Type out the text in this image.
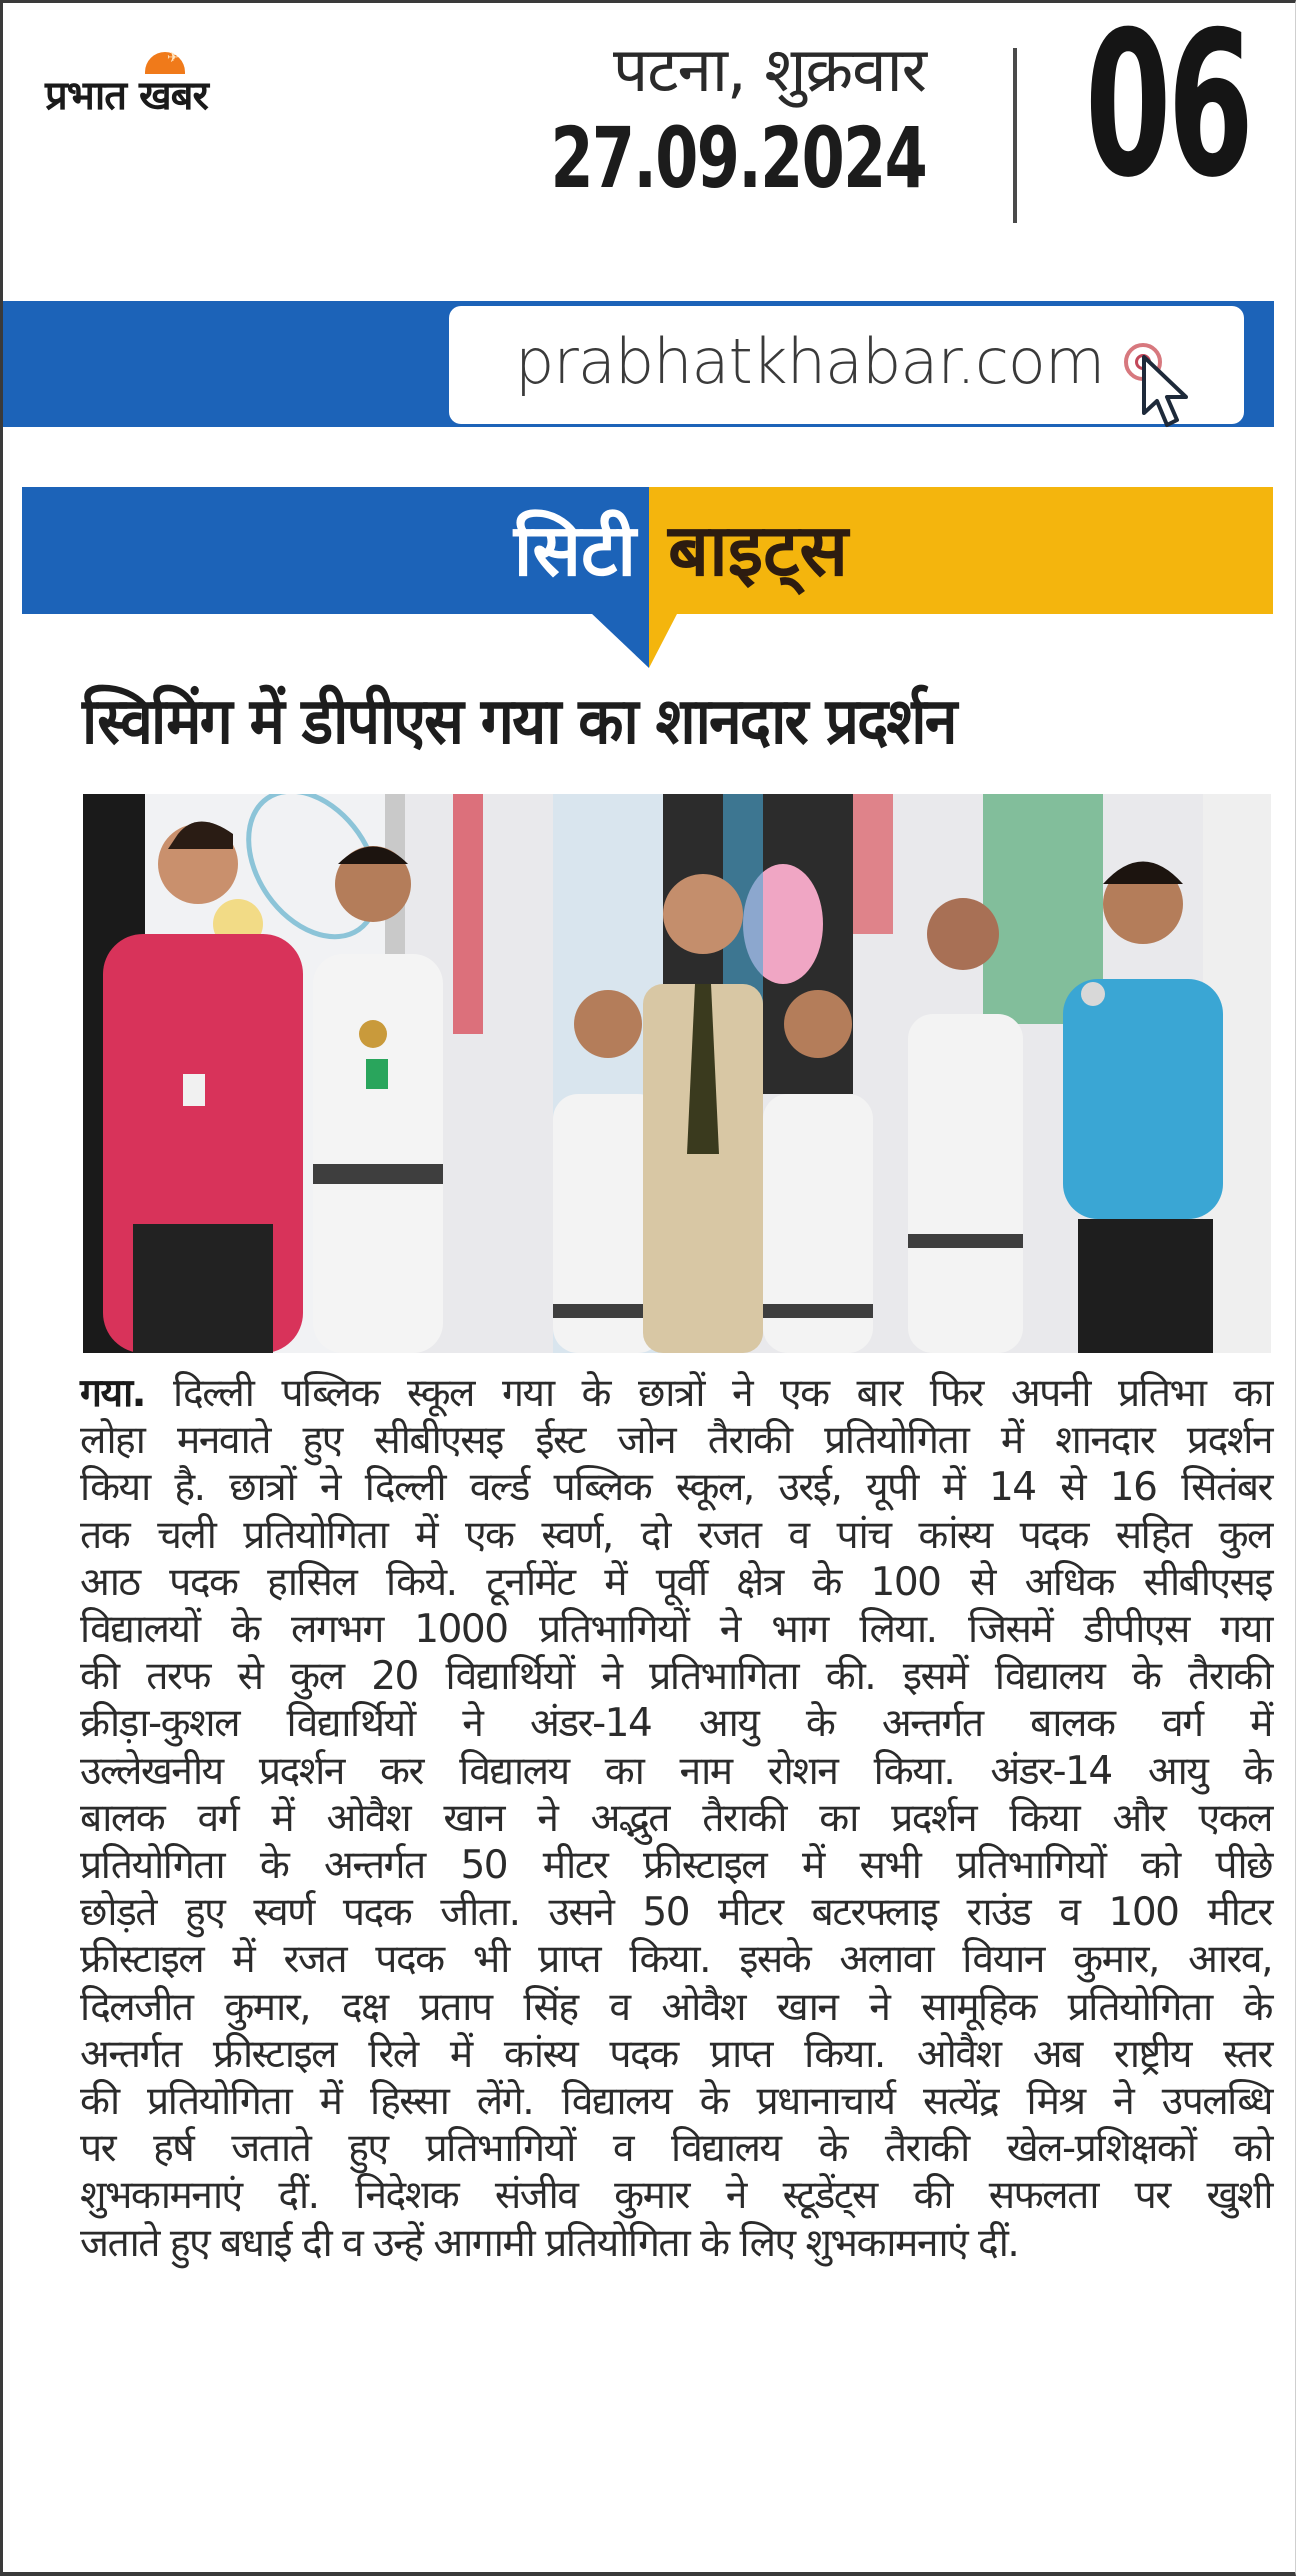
✈
प्रभात खबर	पटना, शुक्रवार
27.09.2024 06
prabhatkhabar.com
सिटी बाइट्स
स्विमिंग में डीपीएस गया का शानदार प्रदर्शन
गया. दिल्ली पब्लिक स्कूल गया के छात्रों ने एक बार फिर अपनी प्रतिभा का
लोहा मनवाते हुए सीबीएसइ ईस्ट जोन तैराकी प्रतियोगिता में शानदार प्रदर्शन
किया है. छात्रों ने दिल्ली वर्ल्ड पब्लिक स्कूल, उरई, यूपी में 14 से 16 सितंबर
तक चली प्रतियोगिता में एक स्वर्ण, दो रजत व पांच कांस्य पदक सहित कुल
आठ पदक हासिल किये. टूर्नामेंट में पूर्वी क्षेत्र के 100 से अधिक सीबीएसइ
विद्यालयों के लगभग 1000 प्रतिभागियों ने भाग लिया. जिसमें डीपीएस गया
की तरफ से कुल 20 विद्यार्थियों ने प्रतिभागिता की. इसमें विद्यालय के तैराकी
क्रीड़ा-कुशल विद्यार्थियों ने अंडर-14 आयु के अन्तर्गत बालक वर्ग में
उल्लेखनीय प्रदर्शन कर विद्यालय का नाम रोशन किया. अंडर-14 आयु के
बालक वर्ग में ओवैश खान ने अद्भुत तैराकी का प्रदर्शन किया और एकल
प्रतियोगिता के अन्तर्गत 50 मीटर फ्रीस्टाइल में सभी प्रतिभागियों को पीछे
छोड़ते हुए स्वर्ण पदक जीता. उसने 50 मीटर बटरफ्लाइ राउंड व 100 मीटर
फ्रीस्टाइल में रजत पदक भी प्राप्त किया. इसके अलावा वियान कुमार, आरव,
दिलजीत कुमार, दक्ष प्रताप सिंह व ओवैश खान ने सामूहिक प्रतियोगिता के
अन्तर्गत फ्रीस्टाइल रिले में कांस्य पदक प्राप्त किया. ओवैश अब राष्ट्रीय स्तर
की प्रतियोगिता में हिस्सा लेंगे. विद्यालय के प्रधानाचार्य सत्येंद्र मिश्र ने उपलब्धि
पर हर्ष जताते हुए प्रतिभागियों व विद्यालय के तैराकी खेल-प्रशिक्षकों को
शुभकामनाएं दीं. निदेशक संजीव कुमार ने स्टूडेंट्स की सफलता पर खुशी
जताते हुए बधाई दी व उन्हें आगामी प्रतियोगिता के लिए शुभकामनाएं दीं.
